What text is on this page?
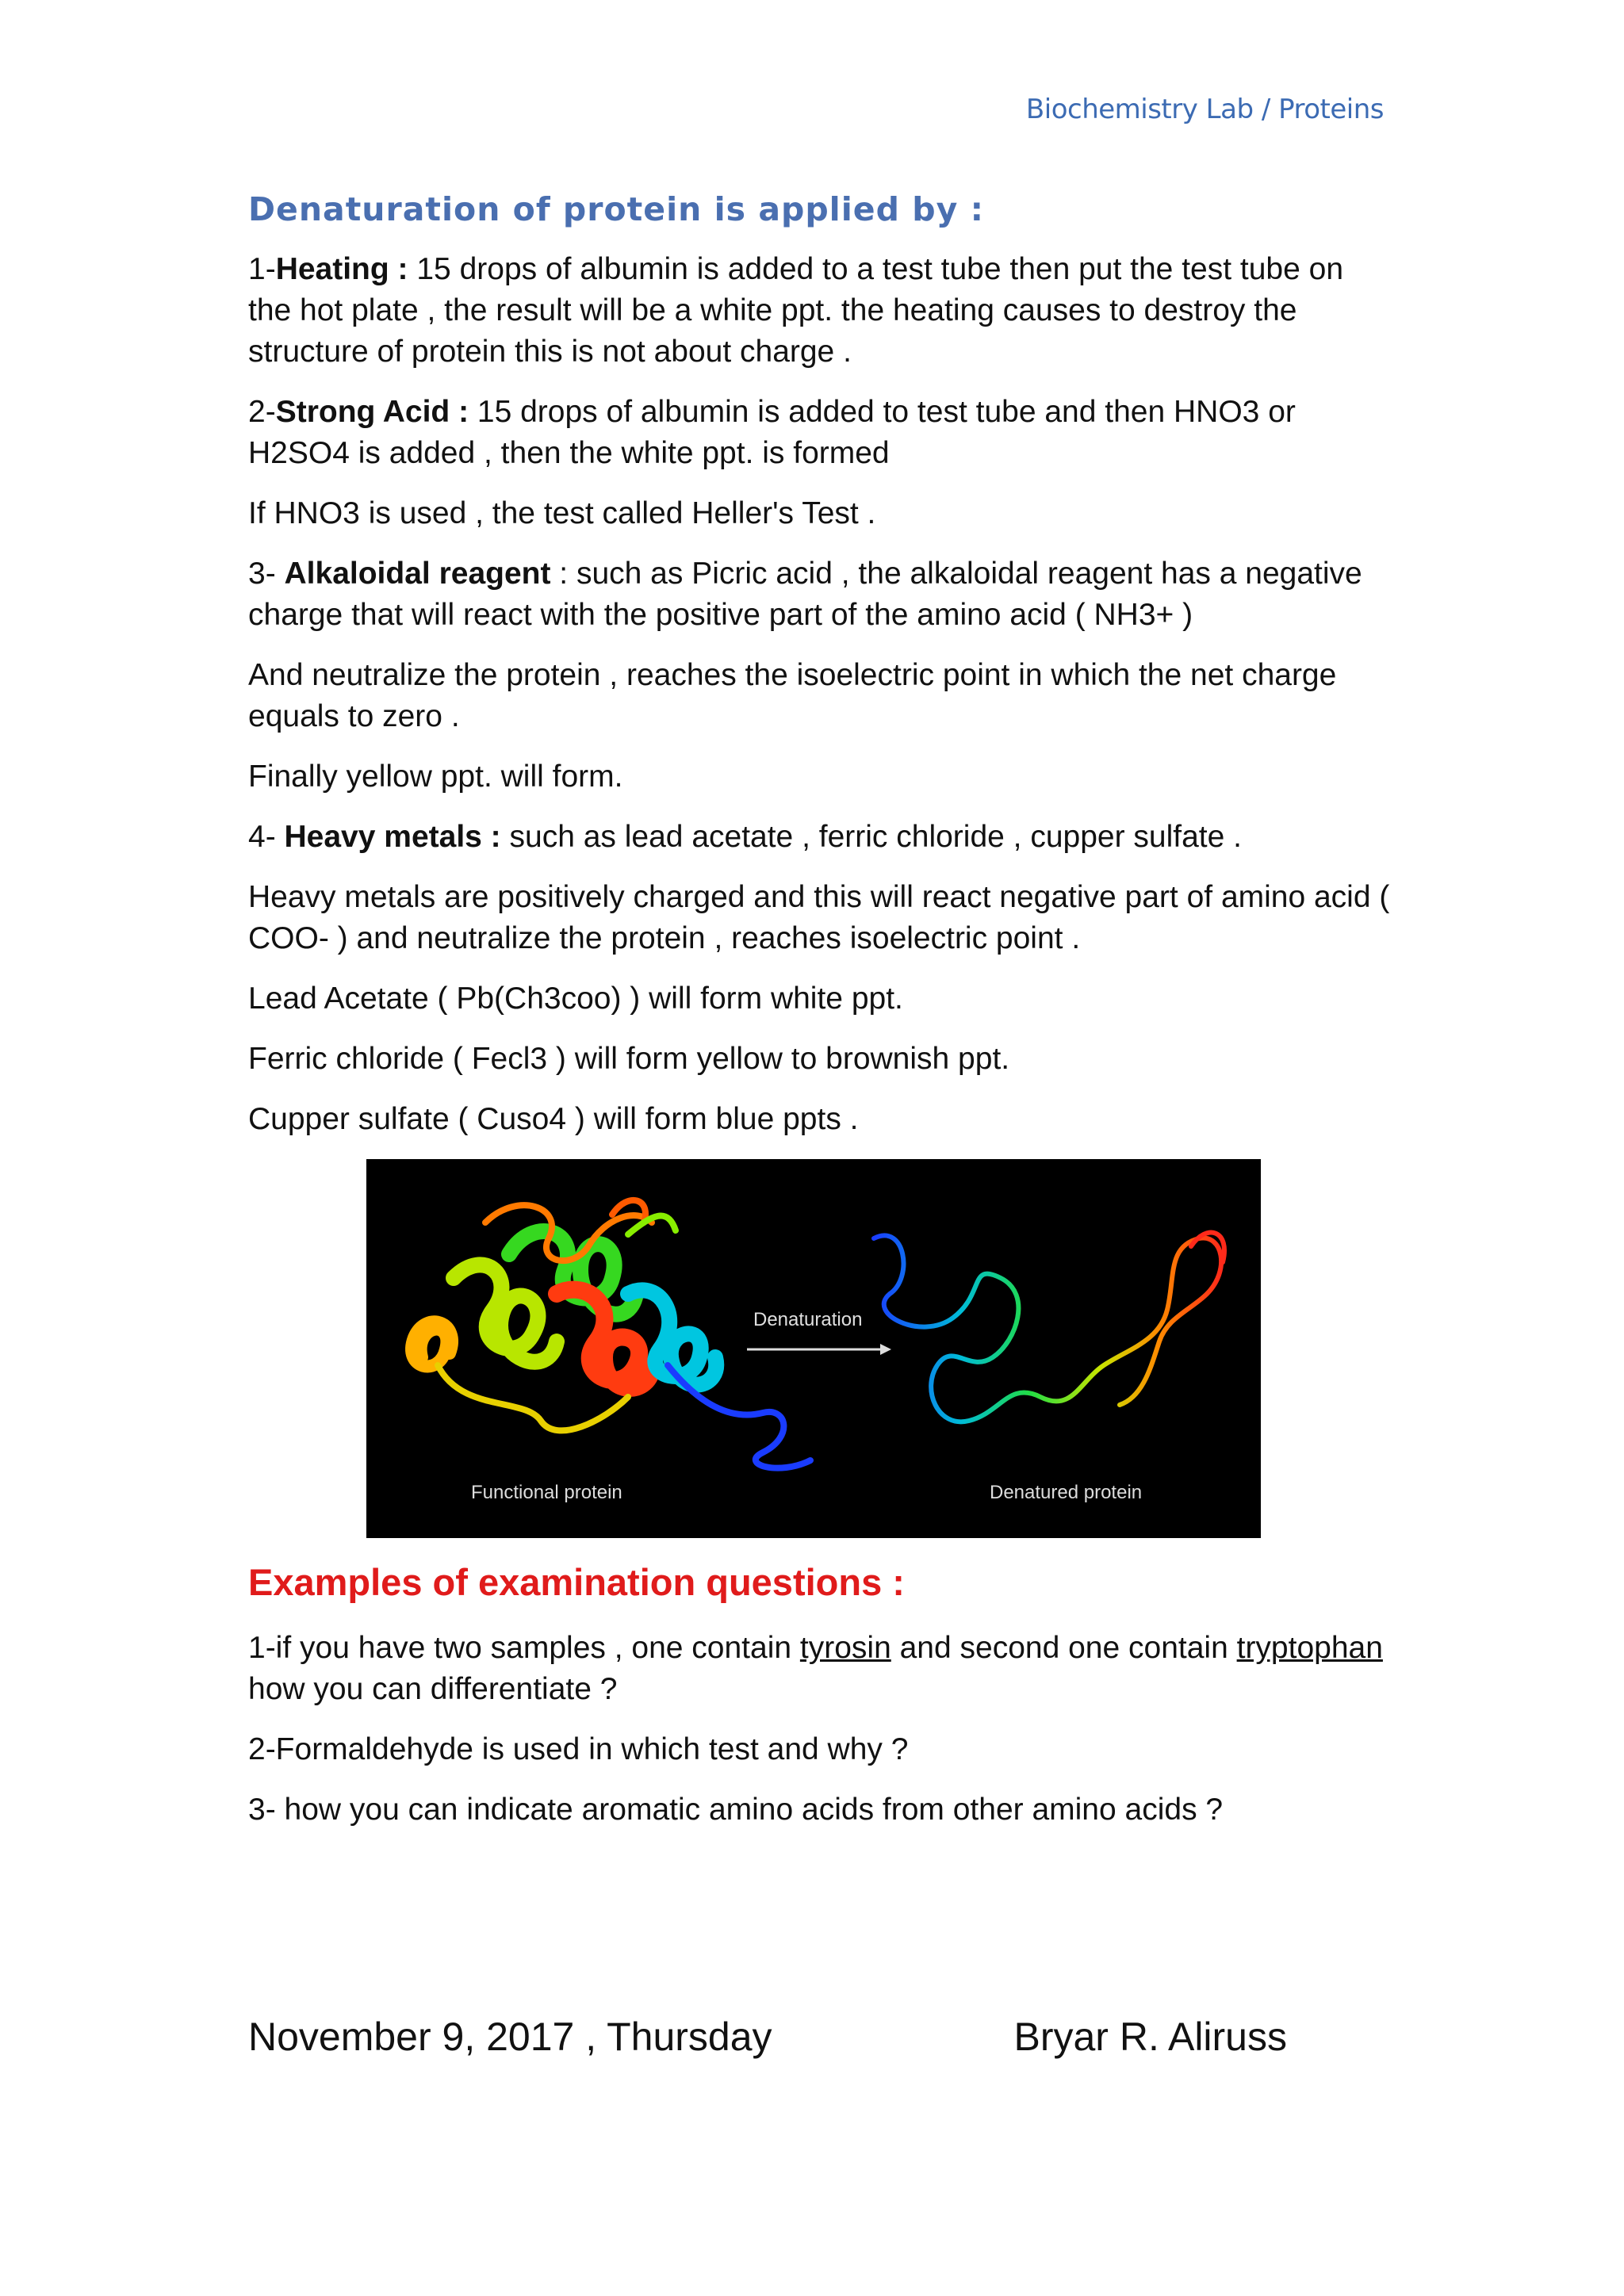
Biochemistry Lab / Proteins
Denaturation of protein is applied by :

1-Heating : 15 drops of albumin is added to a test tube then put the test tube on the hot plate , the result will be a white ppt. the heating causes to destroy the structure of protein this is not about charge .

2-Strong Acid : 15 drops of albumin is added to test tube and then HNO3 or H2SO4 is added , then the white ppt. is formed

If HNO3 is used , the test called Heller's Test .

3- Alkaloidal reagent : such as Picric acid , the alkaloidal reagent has a negative charge that will react with the positive part of the amino acid ( NH3+ )

And neutralize the protein , reaches the isoelectric point in which the net charge equals to zero .

Finally yellow ppt. will form.

4- Heavy metals : such as lead acetate , ferric chloride , cupper sulfate .

Heavy metals are positively charged and this will react negative part of amino acid ( COO- ) and neutralize the protein , reaches isoelectric point .

Lead Acetate ( Pb(Ch3coo) ) will form white ppt.

Ferric chloride ( Fecl3 ) will form yellow to brownish ppt.

Cupper sulfate ( Cuso4 ) will form blue ppts .

Denaturation
Functional protein	Denatured protein
Examples of examination questions :

1-if you have two samples , one contain tyrosin and second one contain tryptophan how you can differentiate ?

2-Formaldehyde is used in which test and why ?

3- how you can indicate aromatic amino acids from other amino acids ?

November 9, 2017 , Thursday	Bryar R. Aliruss
